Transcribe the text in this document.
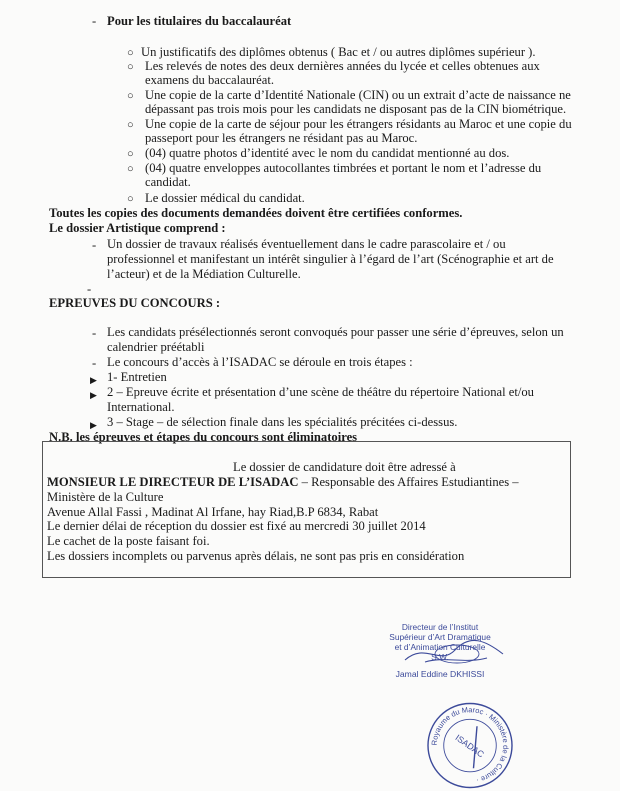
- Pour les titulaires du baccalauréat
○ Un justificatifs des diplômes obtenus ( Bac et / ou autres diplômes supérieur ).
○ Les relevés de notes des deux dernières années du lycée et celles obtenues aux
examens du baccalauréat.
○ Une copie de la carte d’Identité Nationale (CIN) ou un extrait d’acte de naissance ne
dépassant pas trois mois pour les candidats ne disposant pas de la CIN biométrique.
○ Une copie de la carte de séjour pour les étrangers résidants au Maroc et une copie du
passeport pour les étrangers ne résidant pas au Maroc.
○ (04) quatre photos d’identité avec le nom du candidat mentionné au dos.
○ (04) quatre enveloppes autocollantes timbrées et portant le nom et l’adresse du
candidat.
○ Le dossier médical du candidat.
Toutes les copies des documents demandées doivent être certifiées conformes.
Le dossier Artistique comprend :
- Un dossier de travaux réalisés éventuellement dans le cadre parascolaire et / ou
professionnel et manifestant un intérêt singulier à l’égard de l’art (Scénographie et art de
l’acteur) et de la Médiation Culturelle.
-
EPREUVES DU CONCOURS :
- Les candidats présélectionnés seront convoqués pour passer une série d’épreuves, selon un
calendrier préétabli
- Le concours d’accès à l’ISADAC se déroule en trois étapes :
▶ 1- Entretien
▶ 2 – Epreuve écrite et présentation d’une scène de théâtre du répertoire National et/ou
International.
▶ 3 – Stage – de sélection finale dans les spécialités précitées ci-dessus.
N.B. les épreuves et étapes du concours sont éliminatoires
Le dossier de candidature doit être adressé à
MONSIEUR LE DIRECTEUR DE L’ISADAC – Responsable des Affaires Estudiantines –
Ministère de la Culture
Avenue Allal Fassi , Madinat Al Irfane, hay Riad,B.P 6834, Rabat
Le dernier délai de réception du dossier est fixé au mercredi 30 juillet 2014
Le cachet de la poste faisant foi.
Les dossiers incomplets ou parvenus après délais, ne sont pas pris en considération
Directeur de l’Institut
Supérieur d’Art Dramatique
et d’Animation Culturelle
S.W.
Jamal Eddine DKHISSI
Royaume du Maroc · Ministère de la Culture ·
ISADAC
